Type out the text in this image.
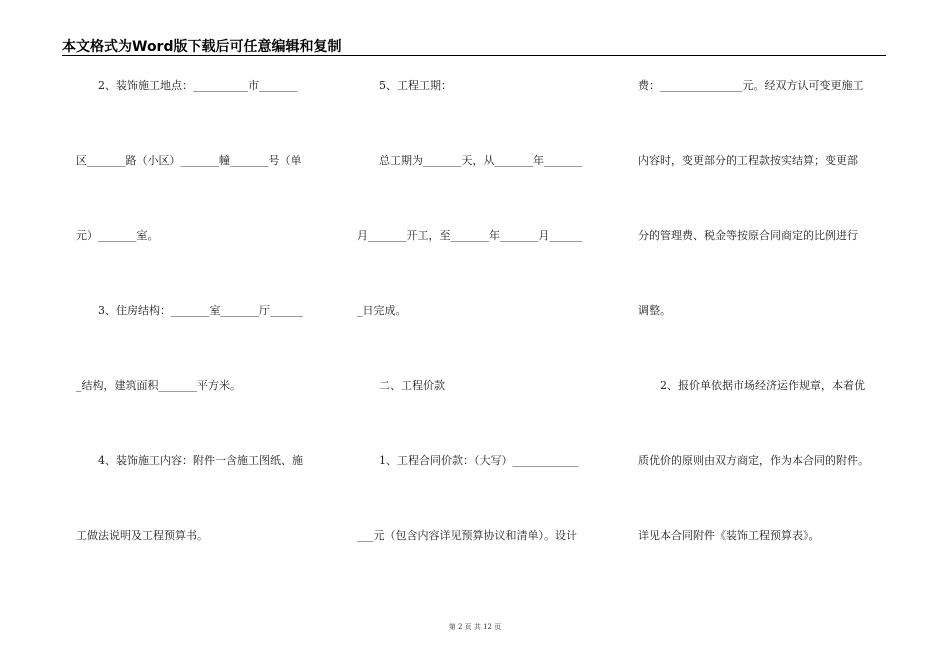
本文格式为Word版下载后可任意编辑和复制
　　2、装饰施工地点：__________市_______
区_______路（小区）_______幢_______号（单
元）_______室。
　　3、住房结构：_______室_______厅______
_结构，建筑面积_______平方米。
　　4、装饰施工内容：附件一含施工图纸、施
工做法说明及工程预算书。
　　5、工程工期：
　　总工期为_______天，从_______年_______
月_______开工，至_______年_______月______
_日完成。
　　二、工程价款
　　1、工程合同价款：（大写）____________
___元（包含内容详见预算协议和清单）。设计
费：_______________元。经双方认可变更施工
内容时，变更部分的工程款按实结算；变更部
分的管理费、税金等按原合同商定的比例进行
调整。
　　2、报价单依据市场经济运作规章，本着优
质优价的原则由双方商定，作为本合同的附件。
详见本合同附件《装饰工程预算表》。
第 2 页 共 12 页
